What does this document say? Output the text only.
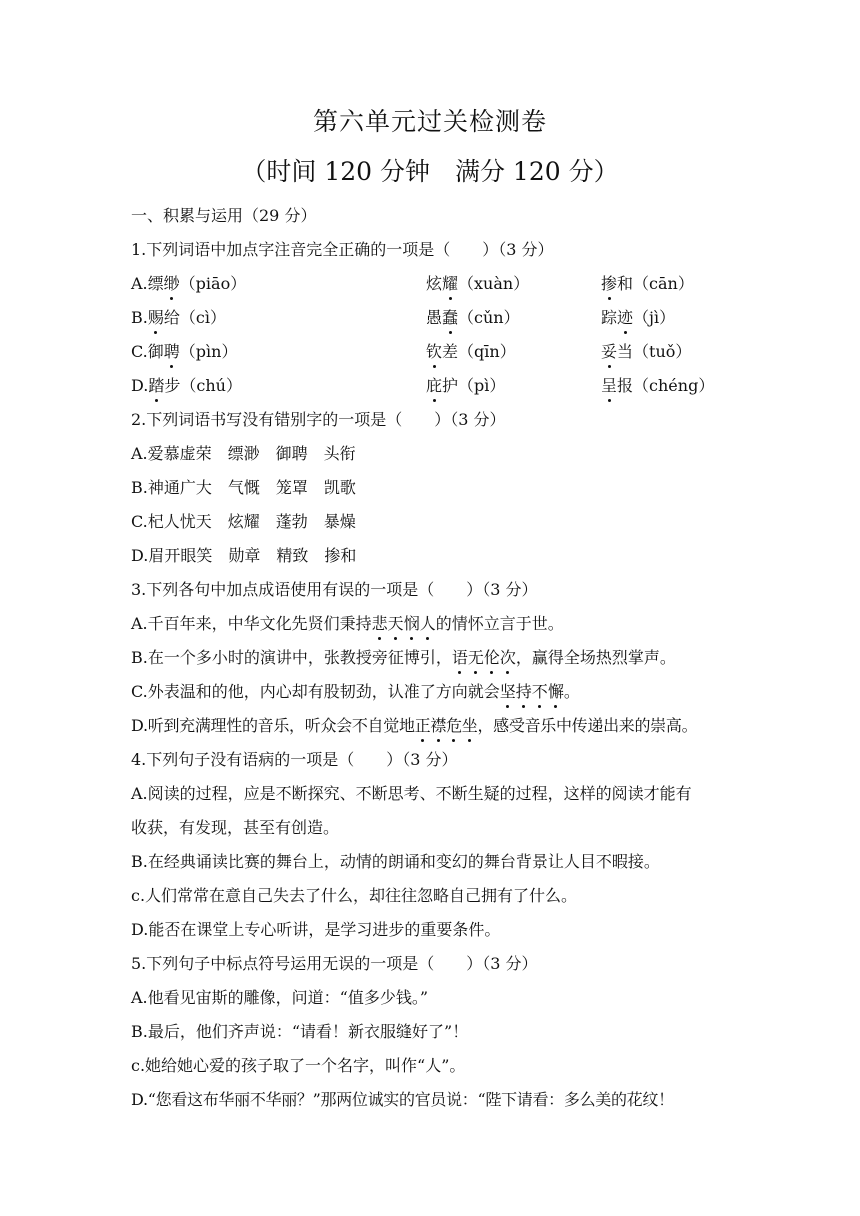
第六单元过关检测卷
（时间 120 分钟　满分 120 分）
一、积累与运用（29 分）
1.下列词语中加点字注音完全正确的一项是（　　）（3 分）
A.缥缈（piāo）	炫耀（xuàn）	掺和（cān）
B.赐给（cì）	愚蠢（cǔn）	踪迹（jì）
C.御聘（pìn）	钦差（qīn）	妥当（tuǒ）
D.踏步（chú）	庇护（pì）	呈报（chéng）
2.下列词语书写没有错别字的一项是（　　）（3 分）
A.爱慕虚荣　缥渺　御聘　头衔
B.神通广大　气慨　笼罩　凯歌
C.杞人忧天　炫耀　蓬勃　暴燥
D.眉开眼笑　勋章　精致　掺和
3.下列各句中加点成语使用有误的一项是（　　）（3 分）
A.千百年来，中华文化先贤们秉持悲天悯人的情怀立言于世。
B.在一个多小时的演讲中，张教授旁征博引，语无伦次，赢得全场热烈掌声。
C.外表温和的他，内心却有股韧劲，认准了方向就会坚持不懈。
D.听到充满理性的音乐，听众会不自觉地正襟危坐，感受音乐中传递出来的崇高。
4.下列句子没有语病的一项是（　　）（3 分）
A.阅读的过程，应是不断探究、不断思考、不断生疑的过程，这样的阅读才能有
收获，有发现，甚至有创造。
B.在经典诵读比赛的舞台上，动情的朗诵和变幻的舞台背景让人目不暇接。
c.人们常常在意自己失去了什么，却往往忽略自己拥有了什么。
D.能否在课堂上专心听讲，是学习进步的重要条件。
5.下列句子中标点符号运用无误的一项是（　　）（3 分）
A.他看见宙斯的雕像，问道：“值多少钱。”
B.最后，他们齐声说：“请看！新衣服缝好了”！
c.她给她心爱的孩子取了一个名字，叫作“人”。
D.“您看这布华丽不华丽？”那两位诚实的官员说：“陛下请看：多么美的花纹！
